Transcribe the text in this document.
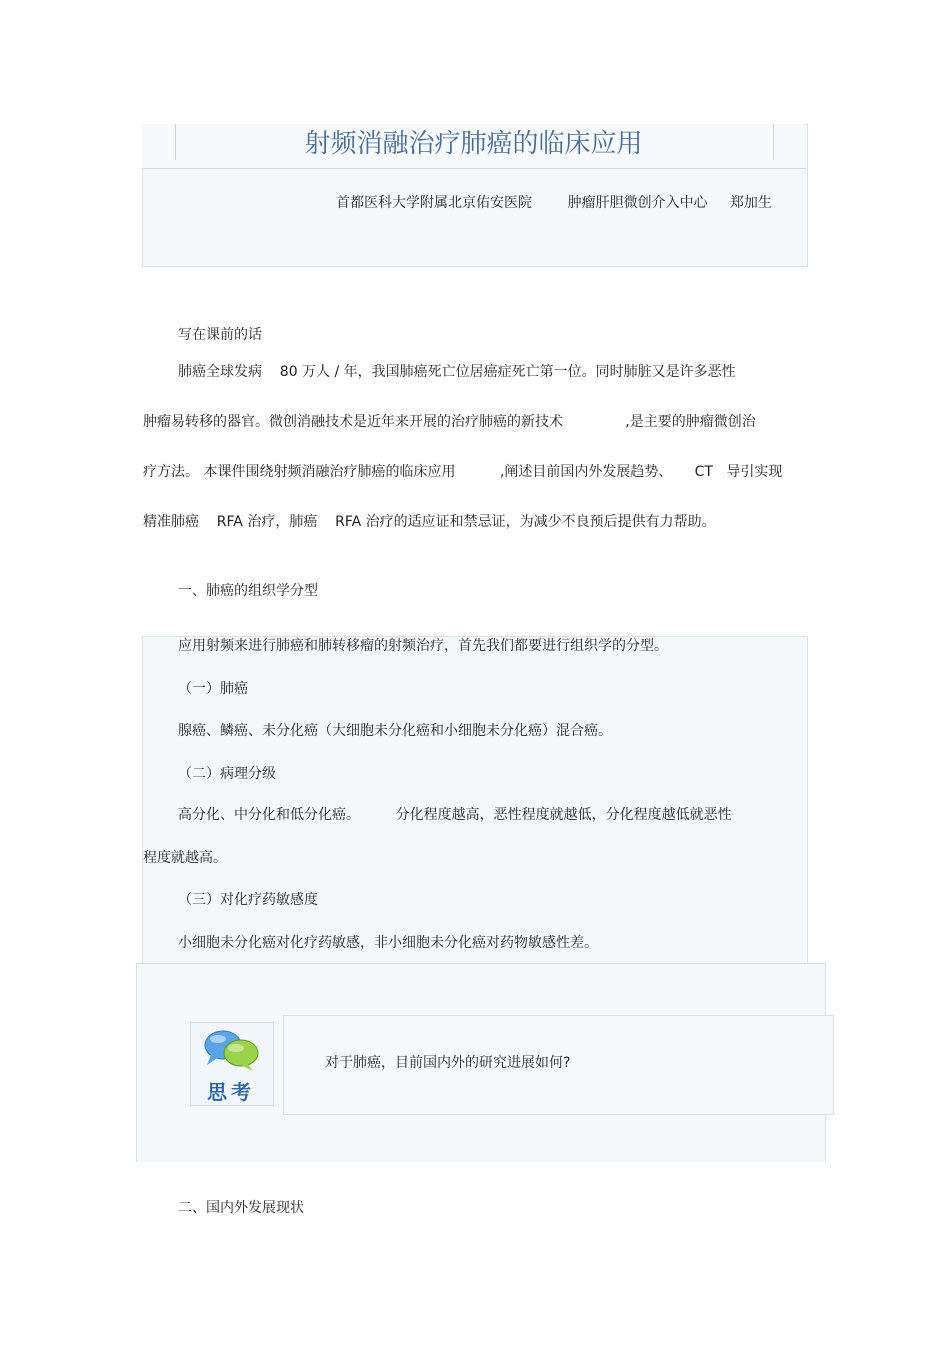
射频消融治疗肺癌的临床应用
首都医科大学附属北京佑安医院        肿瘤肝胆微创介入中心     郑加生
写在课前的话
肺癌全球发病    80 万人 / 年，我国肺癌死亡位居癌症死亡第一位。同时肺脏又是许多恶性
肿瘤易转移的器官。微创消融技术是近年来开展的治疗肺癌的新技术              ,是主要的肿瘤微创治
疗方法。 本课件围绕射频消融治疗肺癌的临床应用          ,阐述目前国内外发展趋势、     CT   导引实现
精准肺癌    RFA 治疗，肺癌    RFA 治疗的适应证和禁忌证，为减少不良预后提供有力帮助。
一、肺癌的组织学分型
应用射频来进行肺癌和肺转移瘤的射频治疗，首先我们都要进行组织学的分型。
（一）肺癌
腺癌、鳞癌、未分化癌（大细胞未分化癌和小细胞未分化癌）混合癌。
（二）病理分级
高分化、中分化和低分化癌。        分化程度越高，恶性程度就越低，分化程度越低就恶性
程度就越高。
（三）对化疗药敏感度
小细胞未分化癌对化疗药敏感，非小细胞未分化癌对药物敏感性差。
思考
对于肺癌，目前国内外的研究进展如何?
二、国内外发展现状
